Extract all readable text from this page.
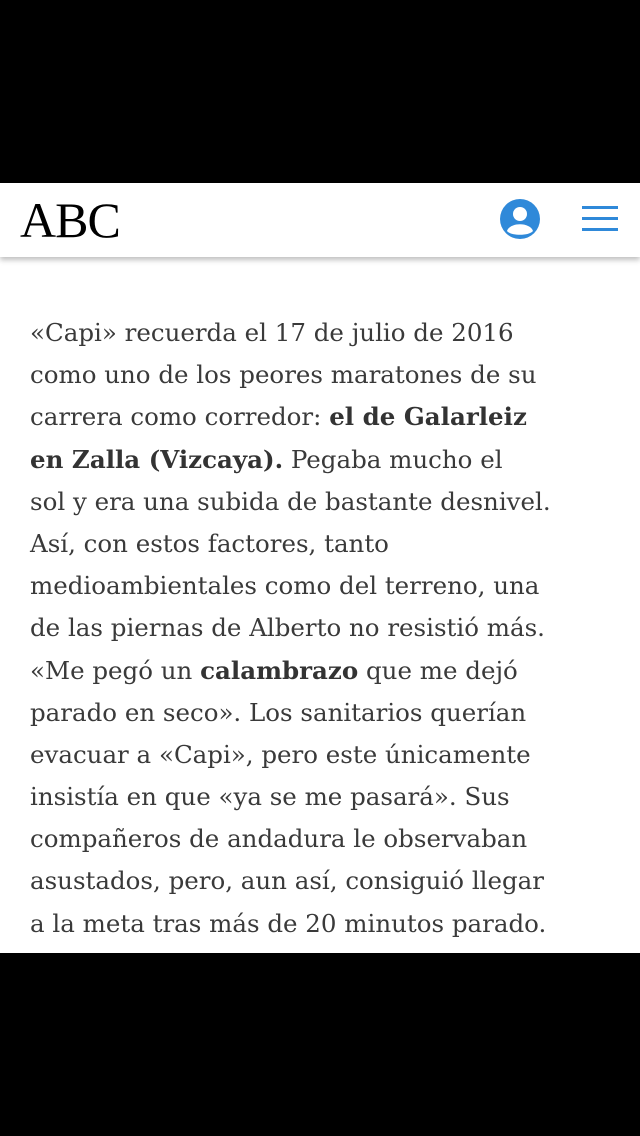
ABC
«Capi» recuerda el 17 de julio de 2016
como uno de los peores maratones de su
carrera como corredor: el de Galarleiz
en Zalla (Vizcaya). Pegaba mucho el
sol y era una subida de bastante desnivel.
Así, con estos factores, tanto
medioambientales como del terreno, una
de las piernas de Alberto no resistió más.
«Me pegó un calambrazo que me dejó
parado en seco». Los sanitarios querían
evacuar a «Capi», pero este únicamente
insistía en que «ya se me pasará». Sus
compañeros de andadura le observaban
asustados, pero, aun así, consiguió llegar
a la meta tras más de 20 minutos parado.
